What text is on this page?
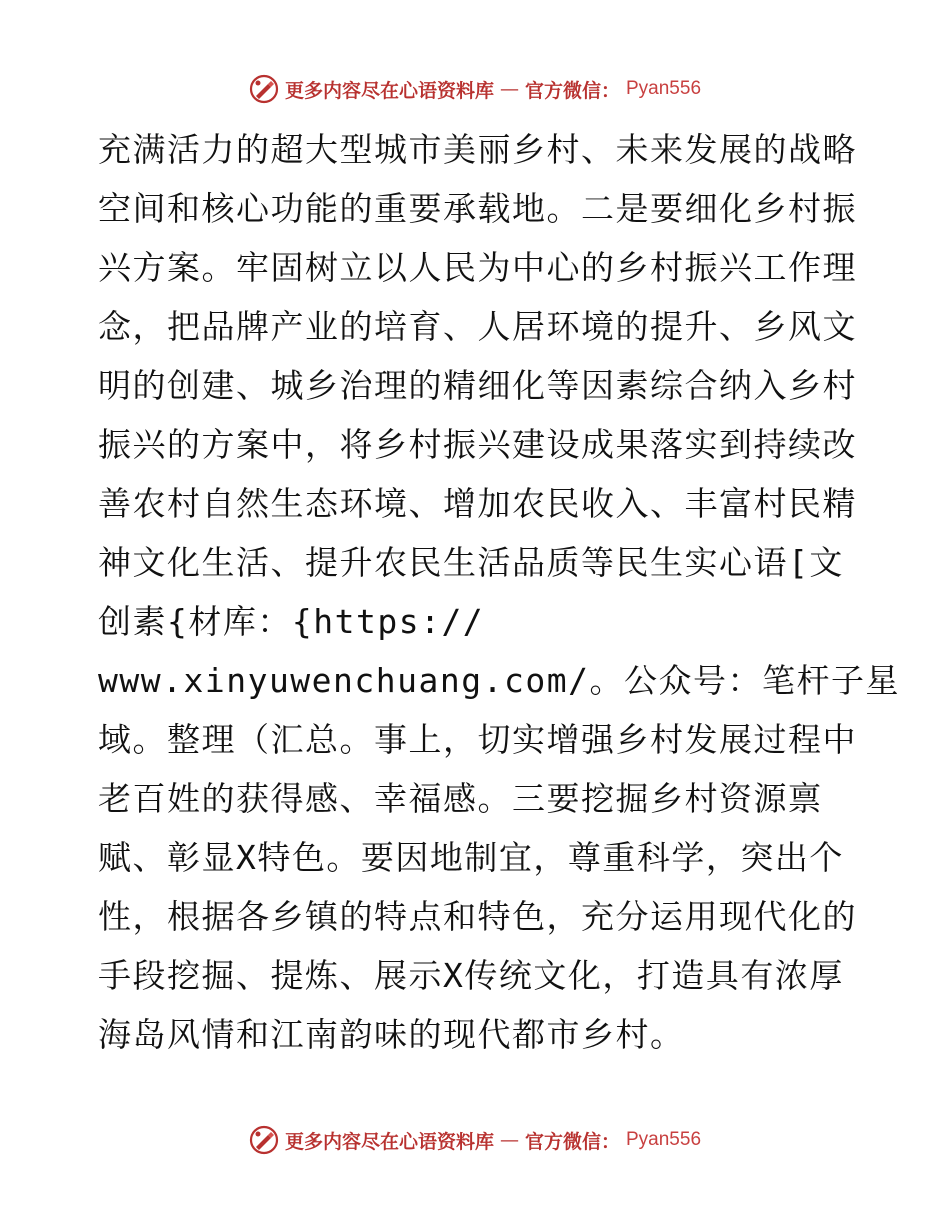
更多内容尽在心语资料库 — 官方微信： Pyan556
充满活力的超大型城市美丽乡村、未来发展的战略
空间和核心功能的重要承载地。二是要细化乡村振
兴方案。牢固树立以人民为中心的乡村振兴工作理
念，把品牌产业的培育、人居环境的提升、乡风文
明的创建、城乡治理的精细化等因素综合纳入乡村
振兴的方案中，将乡村振兴建设成果落实到持续改
善农村自然生态环境、增加农民收入、丰富村民精
神文化生活、提升农民生活品质等民生实心语[文
创素{材库：{https://
www.xinyuwenchuang.com/。公众号：笔杆子星
域。整理（汇总。事上，切实增强乡村发展过程中
老百姓的获得感、幸福感。三要挖掘乡村资源禀
赋、彰显X特色。要因地制宜，尊重科学，突出个
性，根据各乡镇的特点和特色，充分运用现代化的
手段挖掘、提炼、展示X传统文化，打造具有浓厚
海岛风情和江南韵味的现代都市乡村。
更多内容尽在心语资料库 — 官方微信： Pyan556
